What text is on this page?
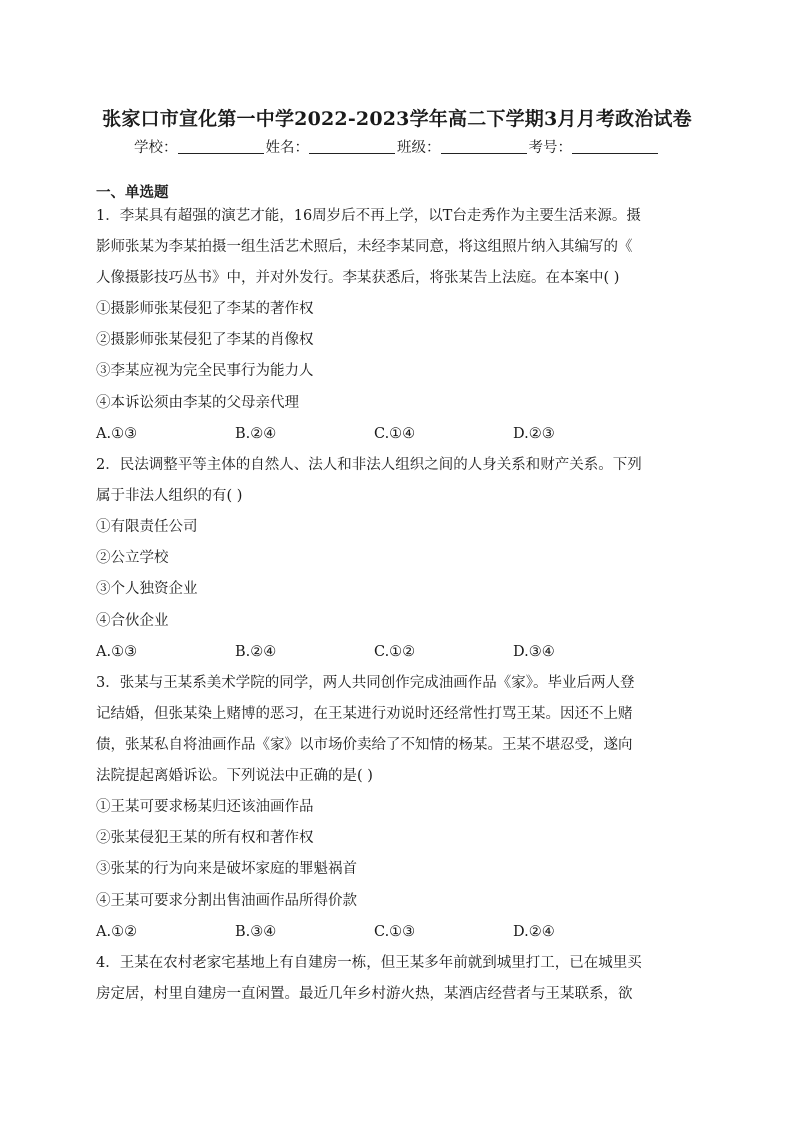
张家口市宣化第一中学2022-2023学年高二下学期3月月考政治试卷
学校：	姓名：	班级：	考号：
一、单选题

1．李某具有超强的演艺才能，16周岁后不再上学，以T台走秀作为主要生活来源。摄
影师张某为李某拍摄一组生活艺术照后，未经李某同意，将这组照片纳入其编写的《
人像摄影技巧丛书》中，并对外发行。李某获悉后，将张某告上法庭。在本案中( )

①摄影师张某侵犯了李某的著作权

②摄影师张某侵犯了李某的肖像权

③李某应视为完全民事行为能力人

④本诉讼须由李某的父母亲代理

A.①③	B.②④	C.①④	D.②③

2．民法调整平等主体的自然人、法人和非法人组织之间的人身关系和财产关系。下列
属于非法人组织的有( )

①有限责任公司

②公立学校

③个人独资企业

④合伙企业

A.①③	B.②④	C.①②	D.③④

3．张某与王某系美术学院的同学，两人共同创作完成油画作品《家》。毕业后两人登
记结婚，但张某染上赌博的恶习，在王某进行劝说时还经常性打骂王某。因还不上赌
债，张某私自将油画作品《家》以市场价卖给了不知情的杨某。王某不堪忍受，遂向
法院提起离婚诉讼。下列说法中正确的是( )

①王某可要求杨某归还该油画作品

②张某侵犯王某的所有权和著作权

③张某的行为向来是破坏家庭的罪魁祸首

④王某可要求分割出售油画作品所得价款

A.①②	B.③④	C.①③	D.②④

4．王某在农村老家宅基地上有自建房一栋，但王某多年前就到城里打工，已在城里买
房定居，村里自建房一直闲置。最近几年乡村游火热，某酒店经营者与王某联系，欲
